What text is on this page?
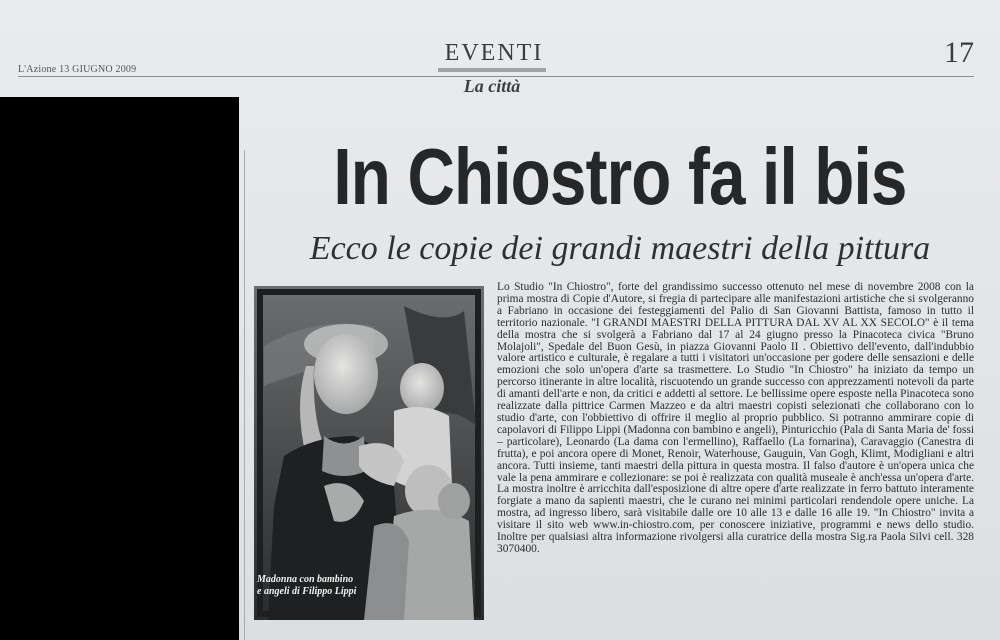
L'Azione 13 GIUGNO 2009
EVENTI
La città
17
In Chiostro fa il bis
Ecco le copie dei grandi maestri della pittura
Madonna con bambino e angeli di Filippo Lippi

Lo Studio "In Chiostro", forte del grandissimo successo ottenuto nel mese di novembre 2008 con la prima mostra di Copie d'Autore, si fregia di partecipare alle manifestazioni artistiche che si svolgeranno a Fabriano in occasione dei festeggiamenti del Palio di San Giovanni Battista, famoso in tutto il territorio nazionale. "I GRANDI MAESTRI DELLA PITTURA DAL XV AL XX SECOLO" è il tema della mostra che si svolgerà a Fabriano dal 17 al 24 giugno presso la Pinacoteca civica "Bruno Molajoli", Spedale del Buon Gesù, in piazza Giovanni Paolo II . Obiettivo dell'evento, dall'indubbio valore artistico e culturale, è regalare a tutti i visitatori un'occasione per godere delle sensazioni e delle emozioni che solo un'opera d'arte sa trasmettere. Lo Studio "In Chiostro" ha iniziato da tempo un percorso itinerante in altre località, riscuotendo un grande successo con apprezzamenti notevoli da parte di amanti dell'arte e non, da critici e addetti al settore. Le bellissime opere esposte nella Pinacoteca sono realizzate dalla pittrice Carmen Mazzeo e da altri maestri copisti selezionati che collaborano con lo studio d'arte, con l'obbiettivo di offrire il meglio al proprio pubblico. Si potranno ammirare copie di capolavori di Filippo Lippi (Madonna con bambino e angeli), Pinturicchio (Pala di Santa Maria de' fossi – particolare), Leonardo (La dama con l'ermellino), Raffaello (La fornarina), Caravaggio (Canestra di frutta), e poi ancora opere di Monet, Renoir, Waterhouse, Gauguin, Van Gogh, Klimt, Modigliani e altri ancora. Tutti insieme, tanti maestri della pittura in questa mostra. Il falso d'autore è un'opera unica che vale la pena ammirare e collezionare: se poi è realizzata con qualità museale è anch'essa un'opera d'arte. La mostra inoltre è arricchita dall'esposizione di altre opere d'arte realizzate in ferro battuto interamente forgiate a mano da sapienti maestri, che le curano nei minimi particolari rendendole opere uniche. La mostra, ad ingresso libero, sarà visitabile dalle ore 10 alle 13 e dalle 16 alle 19. "In Chiostro" invita a visitare il sito web www.in-chiostro.com, per conoscere iniziative, programmi e news dello studio. Inoltre per qualsiasi altra informazione rivolgersi alla curatrice della mostra Sig.ra Paola Silvi cell. 328 3070400.
